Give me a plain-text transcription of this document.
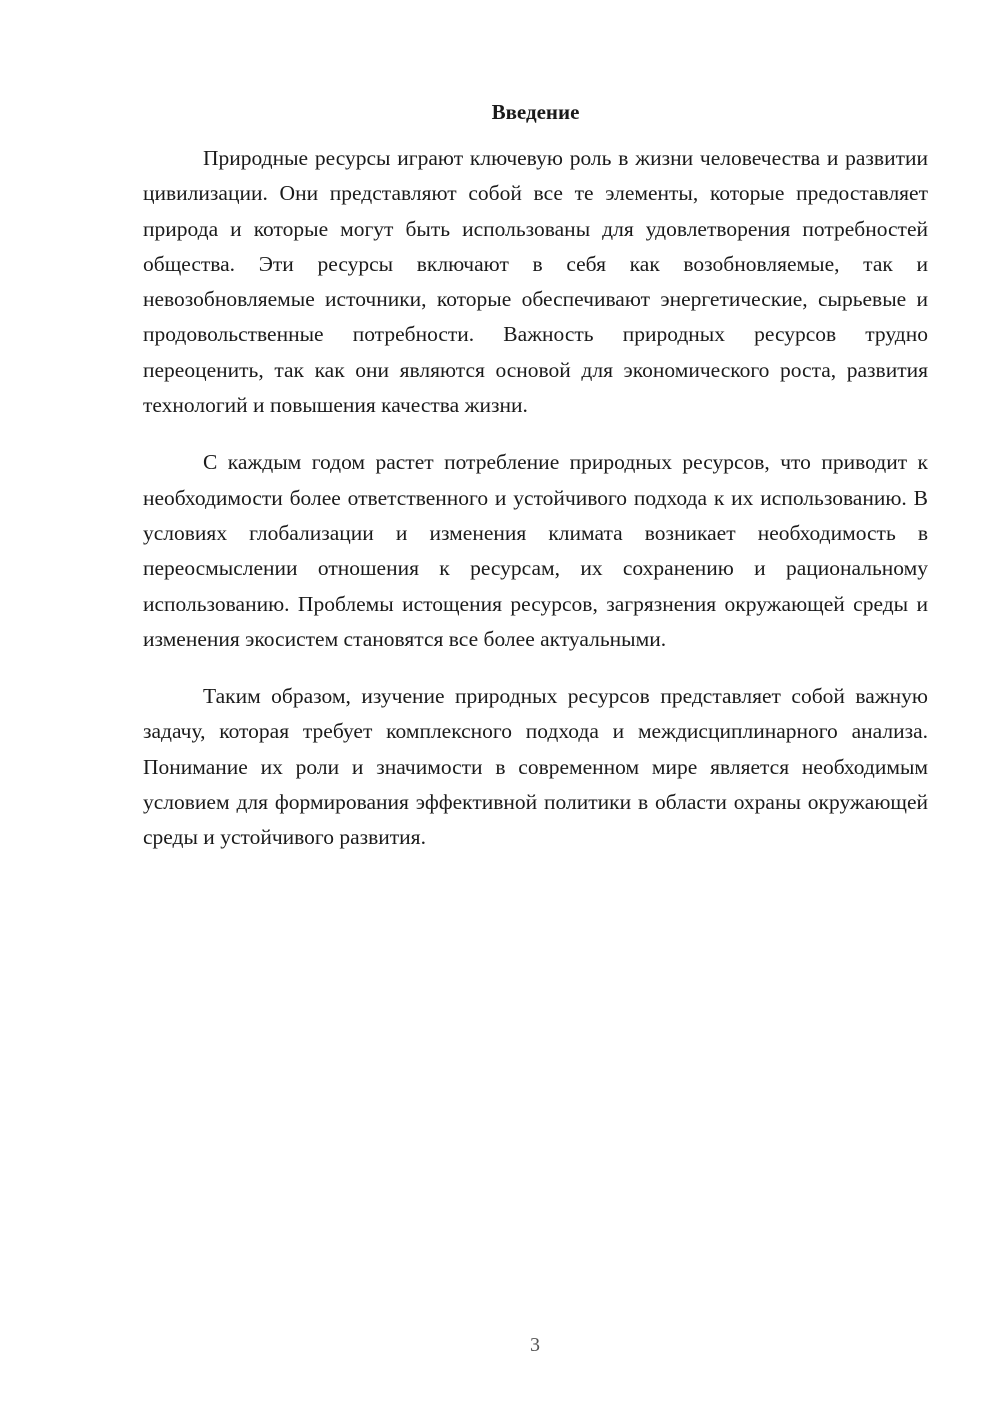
Введение

Природные ресурсы играют ключевую роль в жизни человечества и развитии цивилизации. Они представляют собой все те элементы, которые предоставляет природа и которые могут быть использованы для удовлетворения потребностей общества. Эти ресурсы включают в себя как возобновляемые, так и невозобновляемые источники, которые обеспечивают энергетические, сырьевые и продовольственные потребности. Важность природных ресурсов трудно переоценить, так как они являются основой для экономического роста, развития технологий и повышения качества жизни.

С каждым годом растет потребление природных ресурсов, что приводит к необходимости более ответственного и устойчивого подхода к их использованию. В условиях глобализации и изменения климата возникает необходимость в переосмыслении отношения к ресурсам, их сохранению и рациональному использованию. Проблемы истощения ресурсов, загрязнения окружающей среды и изменения экосистем становятся все более актуальными.

Таким образом, изучение природных ресурсов представляет собой важную задачу, которая требует комплексного подхода и междисциплинарного анализа. Понимание их роли и значимости в современном мире является необходимым условием для формирования эффективной политики в области охраны окружающей среды и устойчивого развития.

3
